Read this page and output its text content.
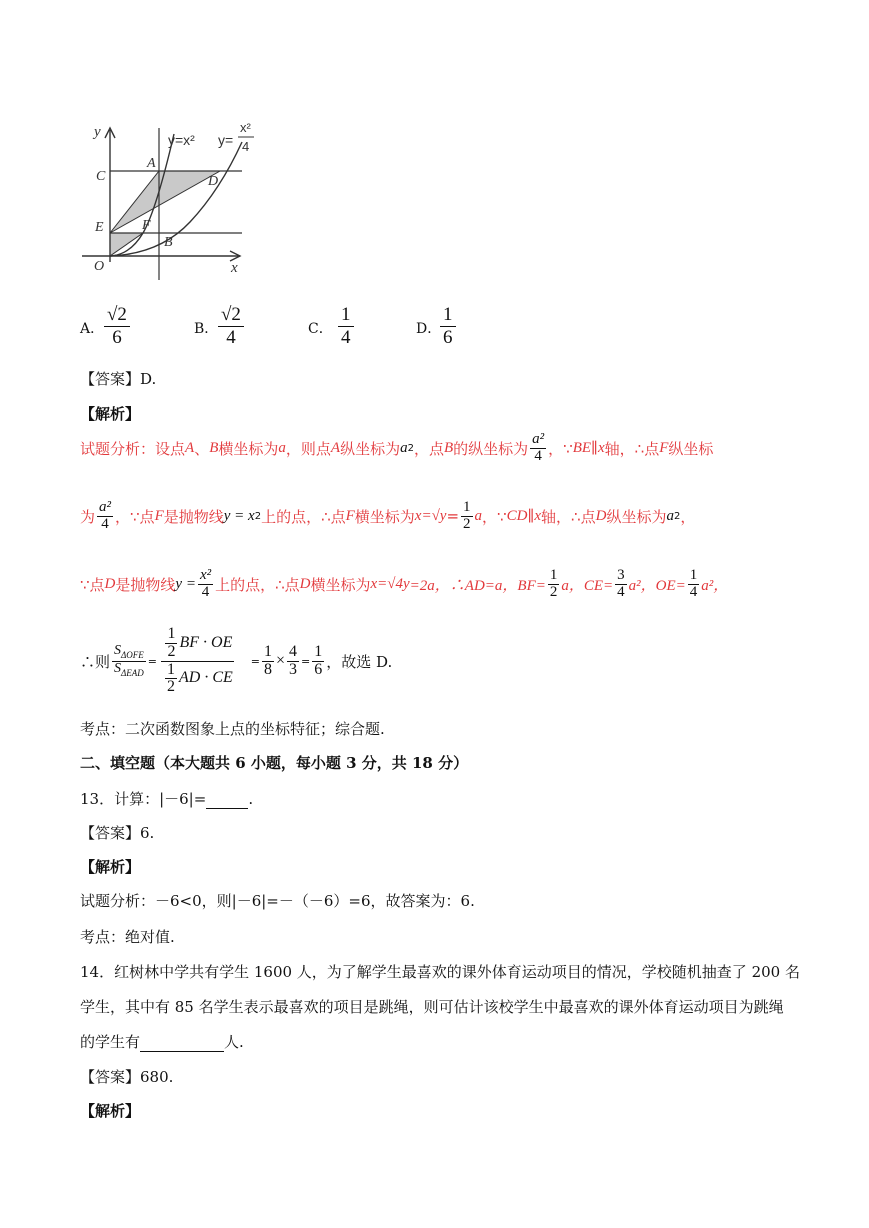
y
x
y=x² y=
x²
4
A
C	D
E	F
B
O
A． $\frac{√2}{6}$	B． $\frac{√2}{4}$	C． $\frac{1}{4}$	D．
$\frac{1}{6}$
【答案】D.
【解析】
试题分析：设点 A 、 B 横坐标为 a ，则点 A 纵坐标为 a 2 ，点 B 的纵坐标为 $\frac{\text{a²}}{4}$ ，∵ BE ∥ x 轴，∴点 F 纵坐标
为 $\frac{\text{a²}}{4}$ ，∵点 F 是抛物线 y = x 2 上的点，∴点 F 横坐标为 $x= √y = \frac{1}{2}$ a ，∵ CD ∥ x 轴，∴点 D 纵坐标为 a 2 ，
∵点 D 是抛物线 $y = \frac{\text{x²}}{4}$ 上的点，∴点 D 横坐标为 x= √4y =2a，∴AD=a，$BF= \frac{1}{2}$ a，$CE= \frac{3}{4} a^2$，$OE= \frac{1}{4} a^2$，
∴则 $\frac{S_{\Delta OFE}}{S_{\Delta EAD}} = \frac{\frac{1}{2} BF \cdot OE}{\frac{1}{2} AD \cdot CE} = \frac{1}{8} \times \frac{4}{3} = \frac{1}{6}$ ，故选 D.
考点：二次函数图象上点的坐标特征；综合题.
二、填空题（本大题共 6 小题，每小题 3 分，共 18 分）
13．计算：|－6|=	.
【答案】6.
【解析】
试题分析：－6<0，则|－6|=－（－6）=6，故答案为：6.
考点：绝对值.
14．红树林中学共有学生 1600 人，为了解学生最喜欢的课外体育运动项目的情况，学校随机抽查了 200 名
学生，其中有 85 名学生表示最喜欢的项目是跳绳，则可估计该校学生中最喜欢的课外体育运动项目为跳绳
的学生有	人.
【答案】680.
【解析】
